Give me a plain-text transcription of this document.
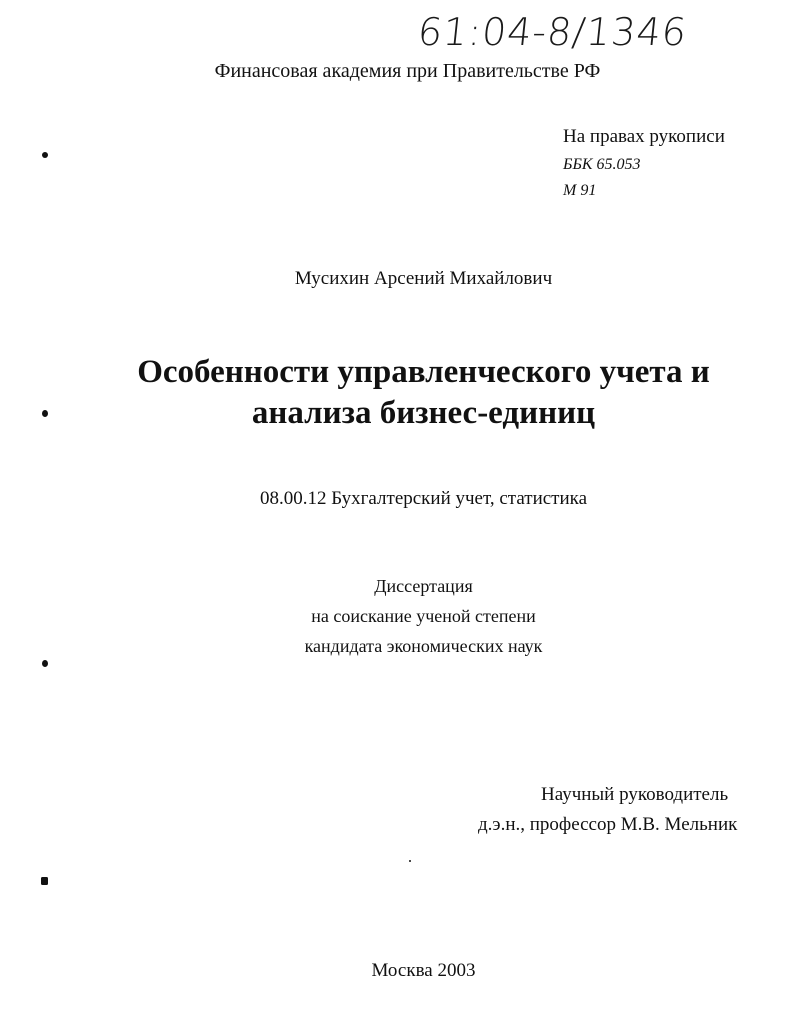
61:04-8/1346
Финансовая академия при Правительстве РФ
На правах рукописи
ББК 65.053
М 91
Мусихин Арсений Михайлович
Особенности управленческого учета и
анализа бизнес-единиц
08.00.12 Бухгалтерский учет, статистика
Диссертация
на соискание ученой степени
кандидата экономических наук
Научный руководитель
д.э.н., профессор М.В. Мельник
Москва 2003
